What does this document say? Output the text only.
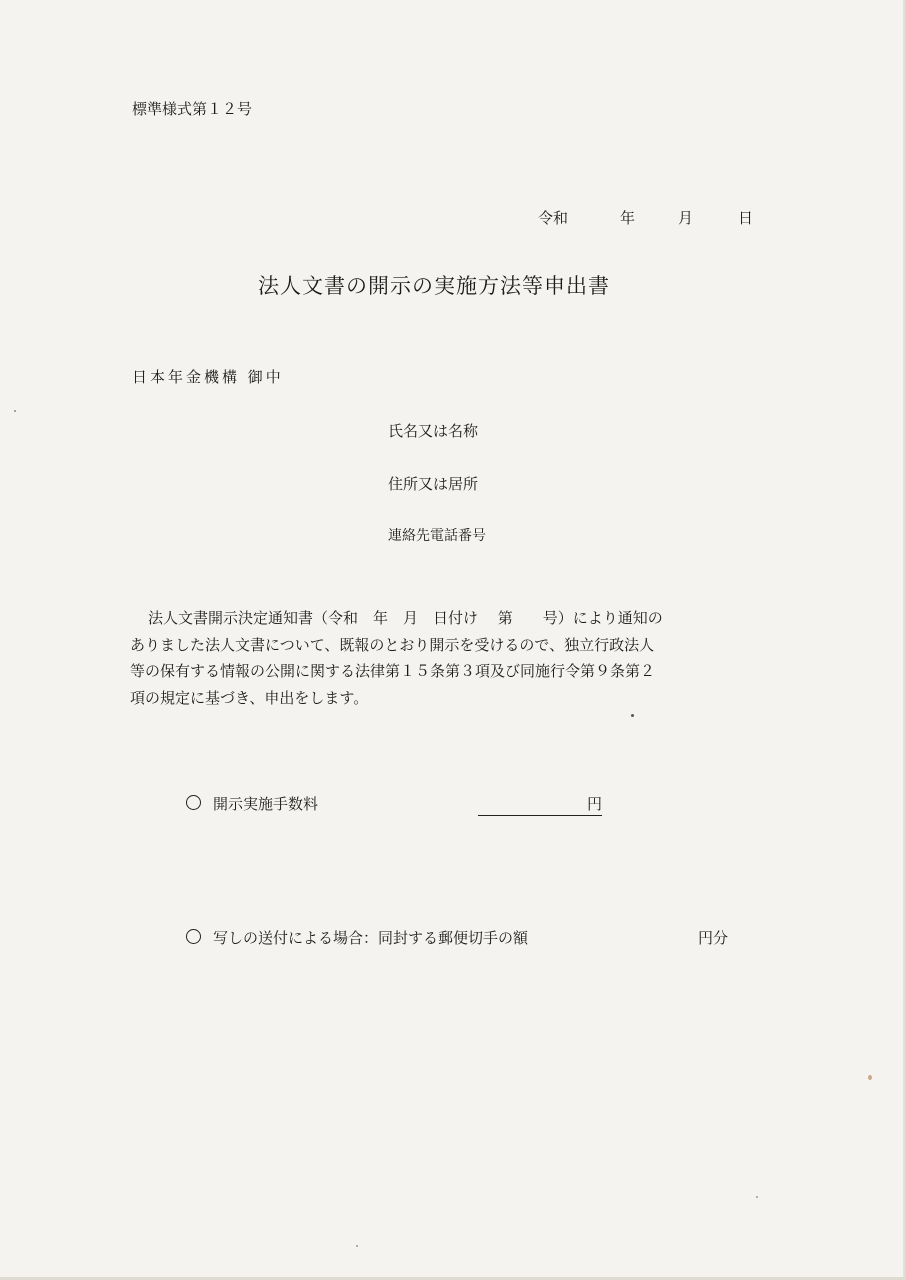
標準様式第１２号
令和	年	月	日
法人文書の開示の実施方法等申出書
日本年金機構 御中
氏名又は名称
住所又は居所
連絡先電話番号
法人文書開示決定通知書（令和　年　月　日付け　 第　　号）により通知の
ありました法人文書について、既報のとおり開示を受けるので、独立行政法人
等の保有する情報の公開に関する法律第１５条第３項及び同施行令第９条第２
項の規定に基づき、申出をします。
開示実施手数料	円
写しの送付による場合：同封する郵便切手の額	円分
